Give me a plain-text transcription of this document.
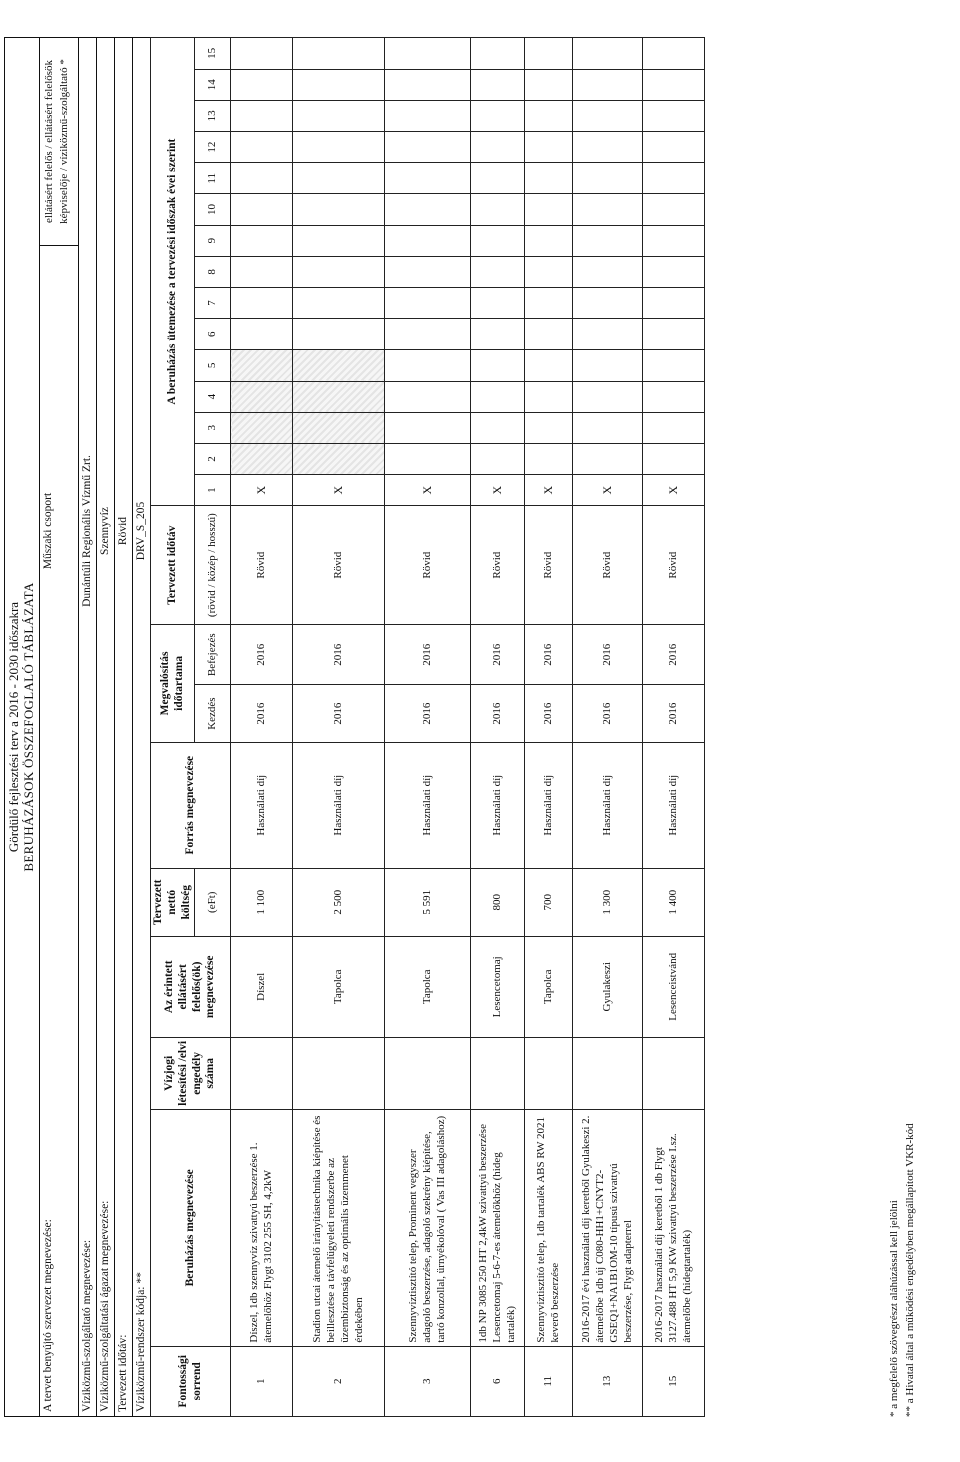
Gördülő fejlesztési terv a 2016 - 2030 időszakra BERUHÁZÁSOK ÖSSZEFOGLALÓ TÁBLÁZATA
A tervet benyújtó szervezet megnevezése:
Műszaki csoport
ellátásért felelős / ellátásért felelősök képviselője / víziközmű-szolgáltató *
Víziközmű-szolgáltató megnevezése:
Dunántúli Regionális Vízmű Zrt.
Víziközmű-szolgáltatási ágazat megnevezése:
Szennyvíz
Tervezett időtáv:
Rövid
Víziközmű-rendszer kódja: **
DRV_S_205
Fontossági sorrend	Beruházás megnevezése	Vízjogi létesítési /elvi engedély száma	Az érintett ellátásért felelős(ök) megnevezése	Tervezett nettó költség	Forrás megnevezése	Megvalósítás időtartama		Tervezett időtáv	A beruházás ütemezése a tervezési időszak évei szerint														
				(eFt)		Kezdés	Befejezés	(rövid / közép / hosszú)	1	2	3	4	5	6	7	8	9	10	11	12	13	14	15
1	Díszel, 1db szennyvíz szivattyú beszerzése 1. átemelőhöz Flygt 3102 255 SH, 4,2kW		Díszel	1 100	Használati díj	2016	2016	Rövid	X														
2	Stadion utcai átemelő irányítástechnika kiépítése és beillesztése a távfelügyeleti rendszerbe az üzembiztonság és az optimális üzemmenet érdekében		Tapolca	2 500	Használati díj	2016	2016	Rövid	X														
3	Szennyvíztisztító telep, Prominent vegyszer adagoló beszerzése, adagoló szekrény kiépítése, tartó konzollal, ürnyékolóval ( Vas III adagoláshoz)		Tapolca	5 591	Használati díj	2016	2016	Rövid	X														
6	1db NP 3085 250 HT 2,4kW szivattyú beszerzése Lesencetomaj 5-6-7-es átemelőkhöz (hideg tartalék)		Lesencetomaj	800	Használati díj	2016	2016	Rövid	X														
11	Szennyvíztisztító telep, 1db tartalék ABS RW 2021 keverő beszerzése		Tapolca	700	Használati díj	2016	2016	Rövid	X														
13	2016-2017 évi használati díj keretből Gyulakeszi 2. átemelőbe 1db új C080-HH1+CNYT2-GSEQ1+NA1B1OM-10 típusú szivattyú beszerzése, Flygt adapterrel		Gyulakeszi	1 300	Használati díj	2016	2016	Rövid	X														
15	2016-2017 használati díj keretből 1 db Flygt 3127.488 HT 5,9 KW szivattyú beszerzése I.sz. átemelőbe (hidegtartalék)		Lesenceistvánd	1 400	Használati díj	2016	2016	Rövid	X														
* a megfelelő szövegrészt aláhúzással kell jelölni ** a Hivatal által a működési engedélyben megállapított VKR-kód
